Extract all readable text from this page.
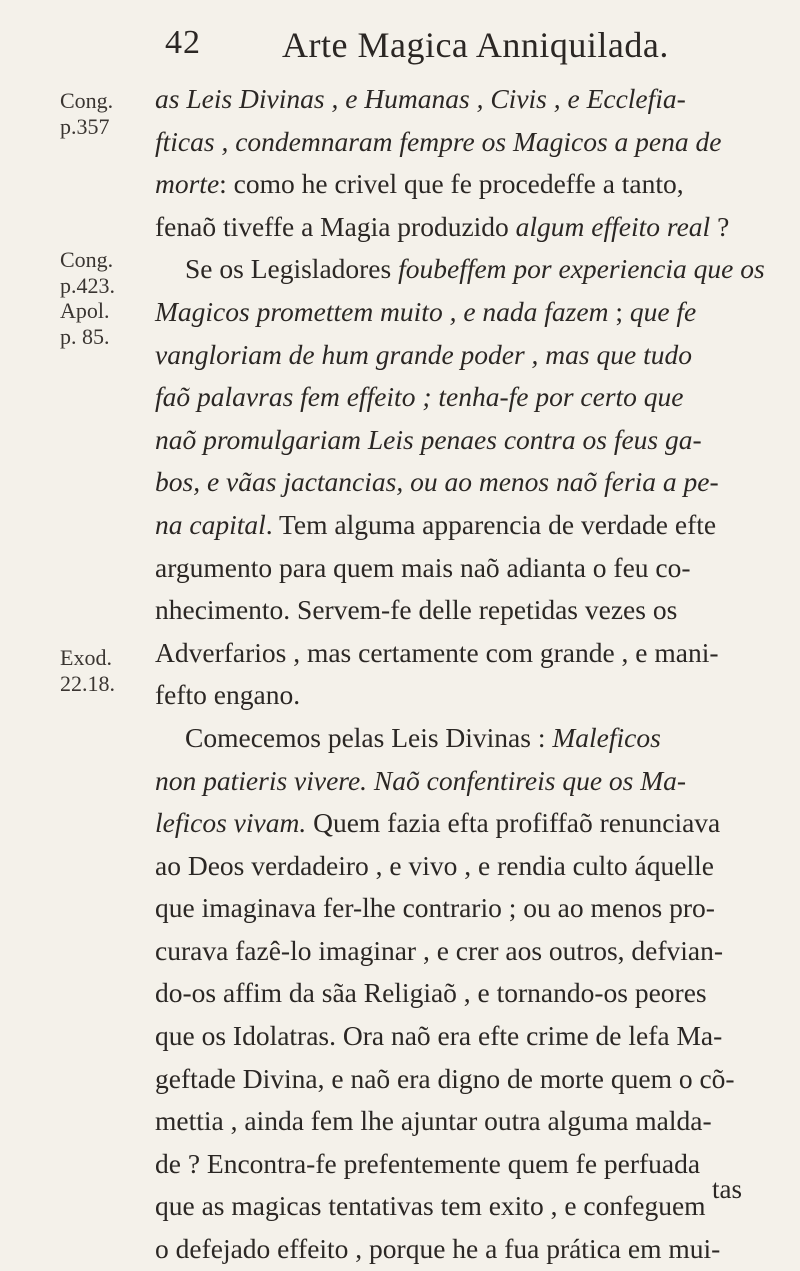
42 Arte Magica Anniquilada.
Cong.
p.357
Cong.
p.423.
Apol.
p. 85.
Exod.
22.18.
as Leis Divinas , e Humanas , Civis , e Ecclefia-
fticas , condemnaram fempre os Magicos a pena de
morte: como he crivel que fe procedeffe a tanto,
fenaõ tiveffe a Magia produzido algum effeito real ?
Se os Legisladores foubeffem por experiencia que os
Magicos promettem muito , e nada fazem ; que fe
vangloriam de hum grande poder , mas que tudo
faõ palavras fem effeito ; tenha-fe por certo que
naõ promulgariam Leis penaes contra os feus ga-
bos, e vãas jactancias, ou ao menos naõ feria a pe-
na capital. Tem alguma apparencia de verdade efte
argumento para quem mais naõ adianta o feu co-
nhecimento. Servem-fe delle repetidas vezes os
Adverfarios , mas certamente com grande , e mani-
fefto engano.
Comecemos pelas Leis Divinas : Maleficos
non patieris vivere. Naõ confentireis que os Ma-
leficos vivam. Quem fazia efta profiffaõ renunciava
ao Deos verdadeiro , e vivo , e rendia culto áquelle
que imaginava fer-lhe contrario ; ou ao menos pro-
curava fazê-lo imaginar , e crer aos outros, defvian-
do-os affim da sãa Religiaõ , e tornando-os peores
que os Idolatras. Ora naõ era efte crime de lefa Ma-
geftade Divina, e naõ era digno de morte quem o cõ-
mettia , ainda fem lhe ajuntar outra alguma malda-
de ? Encontra-fe prefentemente quem fe perfuada
que as magicas tentativas tem exito , e confeguem
o defejado effeito , porque he a fua prática em mui-
tas
